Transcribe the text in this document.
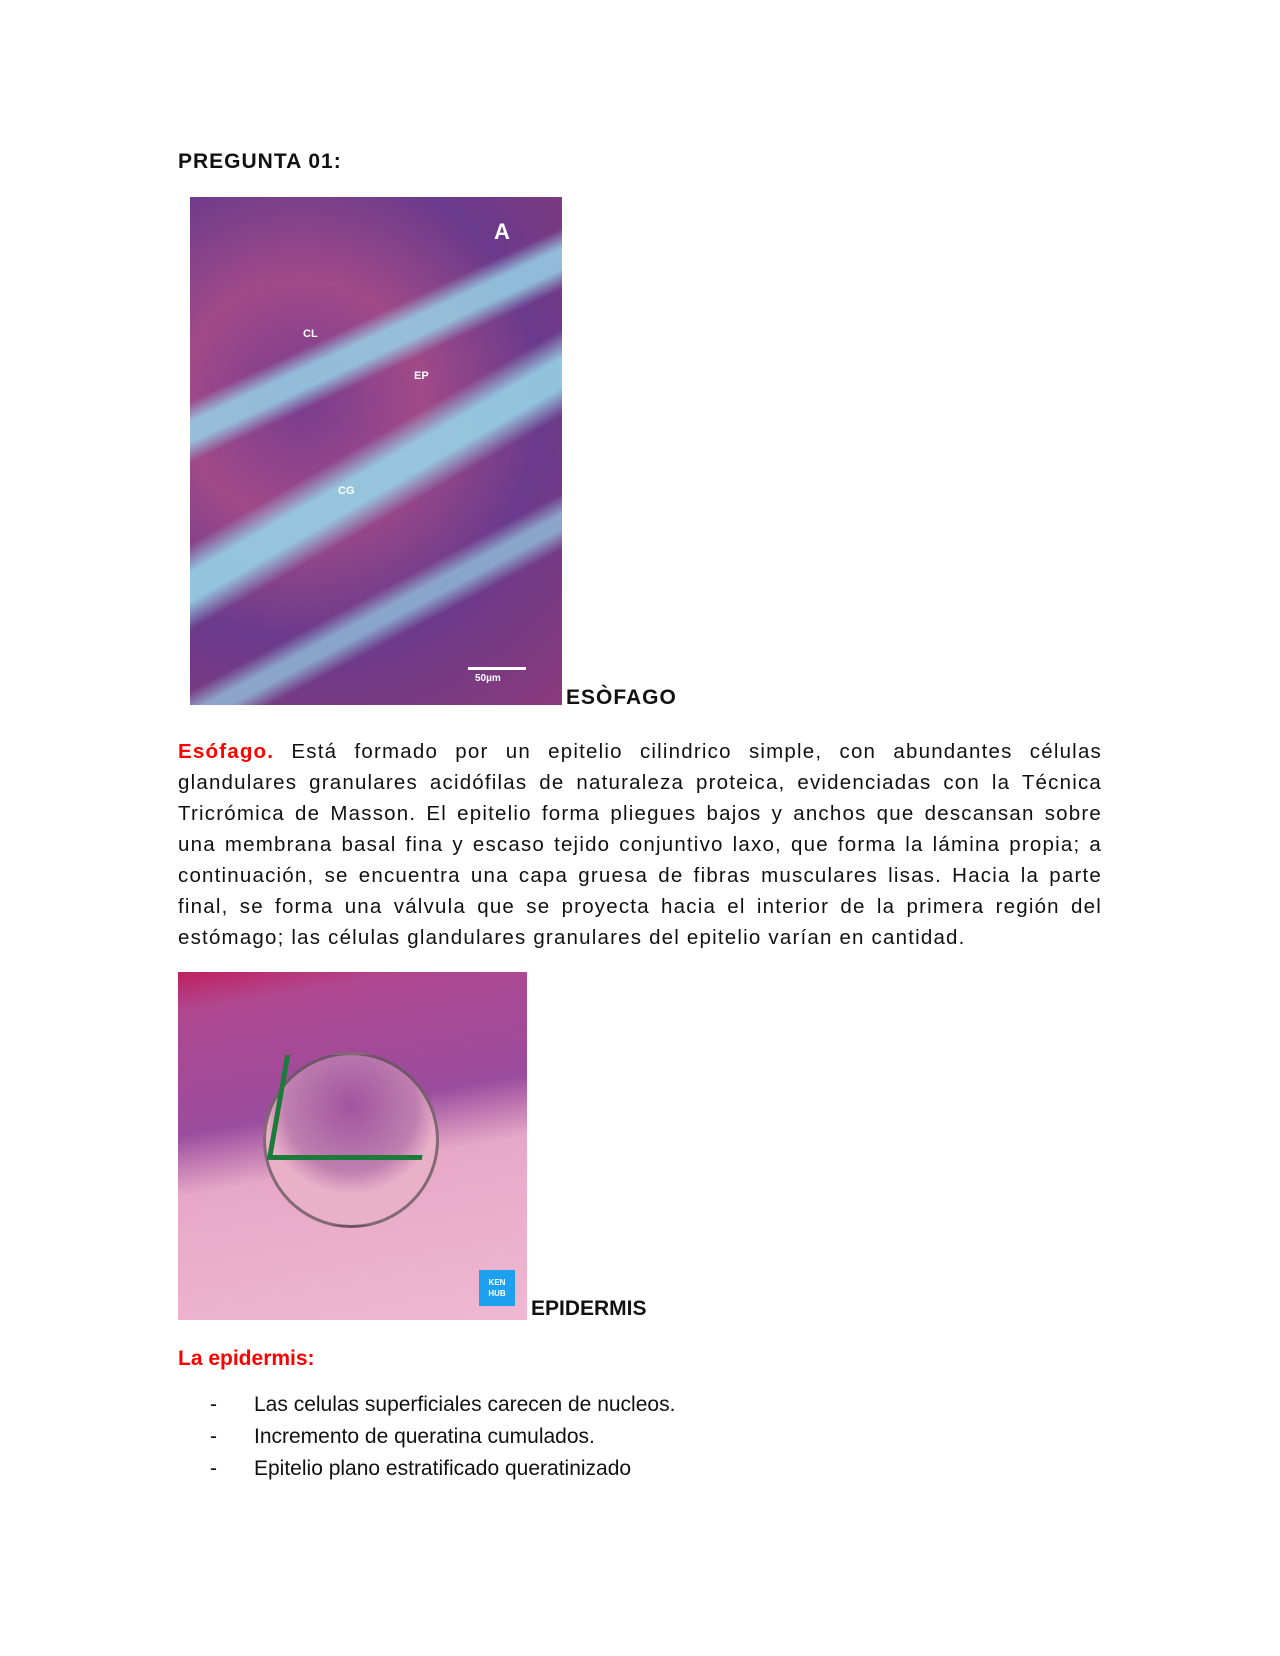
PREGUNTA 01:
A
CL
EP
CG
50µm
ESÒFAGO
Esófago. Está formado por un epitelio cilindrico simple, con abundantes células glandulares granulares acidófilas de naturaleza proteica, evidenciadas con la Técnica Tricrómica de Masson. El epitelio forma pliegues bajos y anchos que descansan sobre una membrana basal fina y escaso tejido conjuntivo laxo, que forma la lámina propia; a continuación, se encuentra una capa gruesa de fibras musculares lisas. Hacia la parte final, se forma una válvula que se proyecta hacia el interior de la primera región del estómago; las células glandulares granulares del epitelio varían en cantidad.
KEN HUB
EPIDERMIS
La epidermis:
-	Las celulas superficiales carecen de nucleos.
-	Incremento de queratina cumulados.
-	Epitelio plano estratificado queratinizado
